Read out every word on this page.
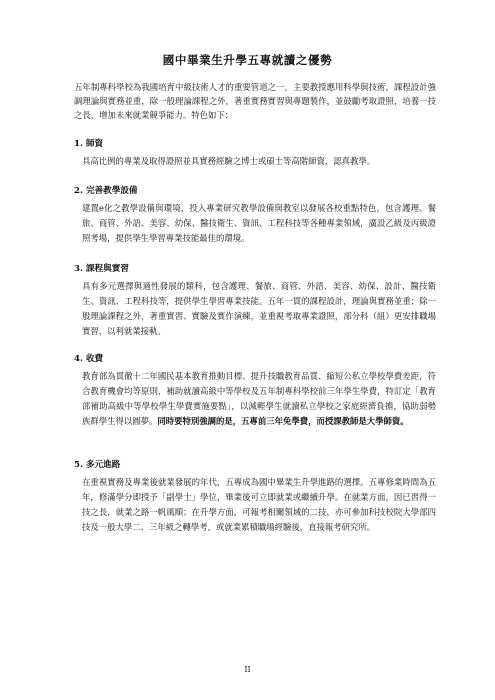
國中畢業生升學五專就讀之優勢
五年制專科學校為我國培育中級技術人才的重要管道之一，主要教授應用科學與技術，課程設計強調理論與實務並重，除一般理論課程之外，著重實務實習與專題製作，並鼓勵考取證照，培養一技之長，增加未來就業競爭能力。特色如下：

1. 師資

具高比例的專業及取得證照並具實務經驗之博士或碩士等高階師資，認真教學。

2. 完善教學設備

建置e化之教學設備與環境，投入專業研究教學設備與教室以發展各校重點特色，包含護理、餐旅、商管、外語、美容、幼保、醫技衛生、資訊、工程科技等各種專業領域，廣設乙級及丙級證照考場，提供學生學習專業技能最佳的環境。

3. 課程與實習

具有多元選擇與適性發展的類科，包含護理、餐旅、商管、外語、美容、幼保、設計、醫技衛生、資訊、工程科技等，提供學生學習專業技能。五年一貫的課程設計，理論與實務並重；除一般理論課程之外，著重實習、實驗及實作演練，並重視考取專業證照，部分科（組）更安排職場實習，以利就業接軌。

4. 收費

教育部為貫徹十二年國民基本教育推動目標、提升技職教育品質、縮短公私立學校學費差距，符合教育機會均等原則，補助就讀高級中等學校及五年制專科學校前三年學生學費，特訂定「教育部補助高級中等學校學生學費實施要點」，以減輕學生就讀私立學校之家庭經濟負擔，協助弱勢族群學生得以圓夢。同時要特別強調的是，五專前三年免學費，而授課教師是大學師資。

5. 多元進路

在重視實務及專業後就業發展的年代，五專成為國中畢業生升學進路的選擇。五專修業時間為五年，修滿學分即授予「副學士」學位，畢業後可立即就業或繼續升學。在就業方面，因已習得一技之長，就業之路一帆風順；在升學方面，可報考相關領域的二技，亦可參加科技校院大學部四技及一般大學二、三年級之轉學考，或就業累積職場經驗後，直接報考研究所。

II
